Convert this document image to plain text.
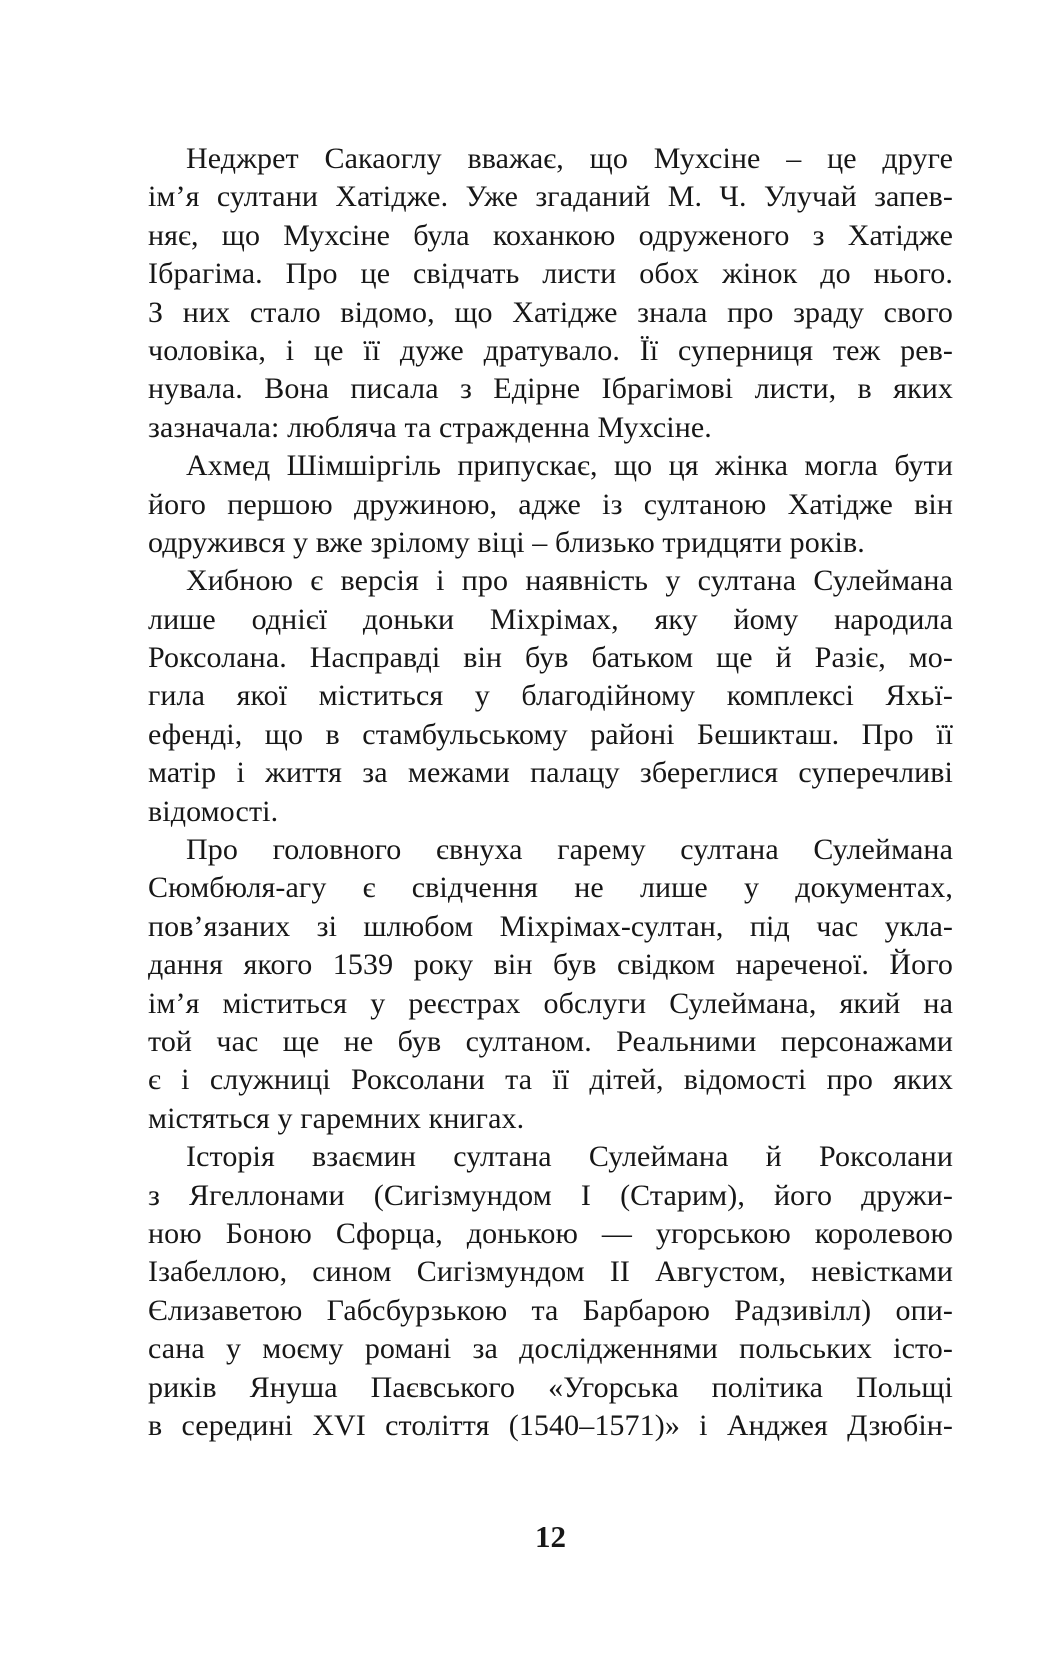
Неджрет Сакаоглу вважає, що Мухсіне – це друге
ім’я султани Хатідже. Уже згаданий М. Ч. Улучай запев-
няє, що Мухсіне була коханкою одруженого з Хатідже
Ібрагіма. Про це свідчать листи обох жінок до нього.
З них стало відомо, що Хатідже знала про зраду свого
чоловіка, і це її дуже дратувало. Її суперниця теж рев-
нувала. Вона писала з Едірне Ібрагімові листи, в яких
зазначала: любляча та стражденна Мухсіне.
Ахмед Шімшіргіль припускає, що ця жінка могла бути
його першою дружиною, адже із султаною Хатідже він
одружився у вже зрілому віці – близько тридцяти років.
Хибною є версія і про наявність у султана Сулеймана
лише однієї доньки Міхрімах, яку йому народила
Роксолана. Насправді він був батьком ще й Разіє, мо-
гила якої міститься у благодійному комплексі Яхьї-
ефенді, що в стамбульському районі Бешикташ. Про її
матір і життя за межами палацу збереглися суперечливі
відомості.
Про головного євнуха гарему султана Сулеймана
Сюмбюля-агу є свідчення не лише у документах,
пов’язаних зі шлюбом Міхрімах-султан, під час укла-
дання якого 1539 року він був свідком нареченої. Його
ім’я міститься у реєстрах обслуги Сулеймана, який на
той час ще не був султаном. Реальними персонажами
є і служниці Роксолани та її дітей, відомості про яких
містяться у гаремних книгах.
Історія взаємин султана Сулеймана й Роксолани
з Ягеллонами (Сигізмундом I (Старим), його дружи-
ною Боною Сфорца, донькою — угорською королевою
Ізабеллою, сином Сигізмундом II Августом, невістками
Єлизаветою Габсбурзькою та Барбарою Радзивілл) опи-
сана у моєму романі за дослідженнями польських істо-
риків Януша Паєвського «Угорська політика Польщі
в середині XVI століття (1540–1571)» і Анджея Дзюбін-
12
